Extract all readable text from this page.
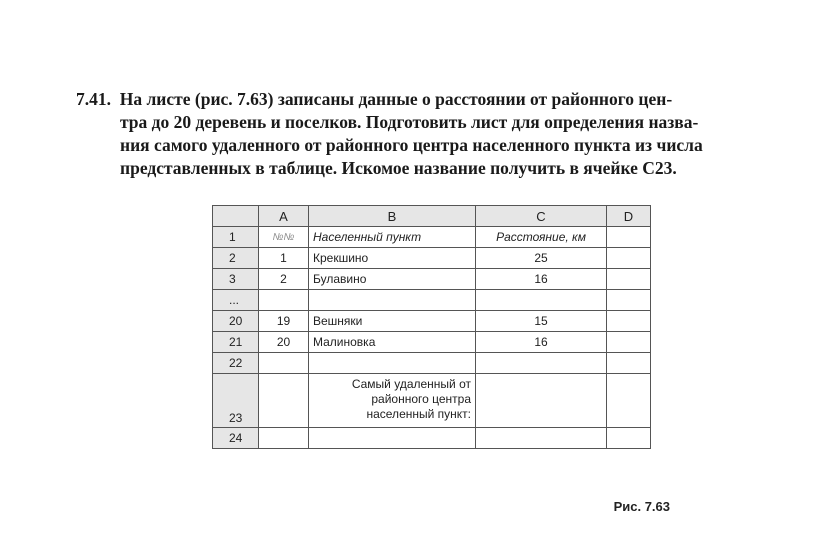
7.41. На листе (рис. 7.63) записаны данные о расстоянии от районного цен-
тра до 20 деревень и поселков. Подготовить лист для определения назва-
ния самого удаленного от районного центра населенного пункта из числа
представленных в таблице. Искомое название получить в ячейке C23.
	A	B	C	D
1	№№	Населенный пункт	Расстояние, км	
2	1	Крекшино	25	
3	2	Булавино	16	
...				
20	19	Вешняки	15	
21	20	Малиновка	16	
22				
23		Самый удаленный от
районного центра
населенный пункт:		
24				
Рис. 7.63
